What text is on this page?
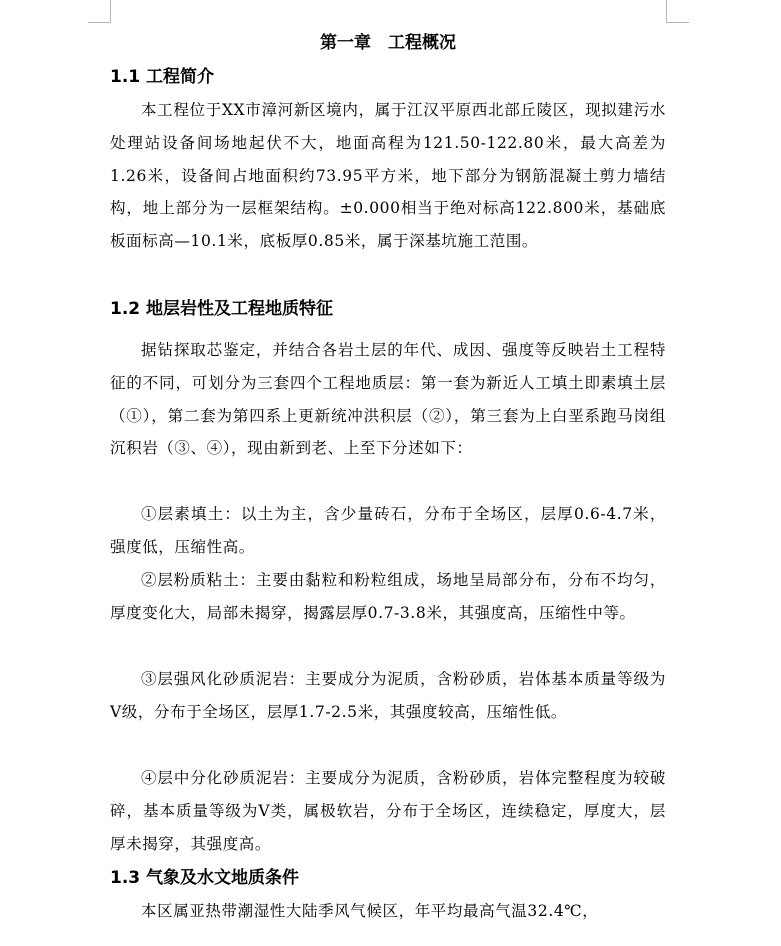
第一章　工程概况
1.1 工程简介

本工程位于XX市漳河新区境内，属于江汉平原西北部丘陵区，现拟建污水处理站设备间场地起伏不大，地面高程为121.50-122.80米，最大高差为1.26米，设备间占地面积约73.95平方米，地下部分为钢筋混凝土剪力墙结构，地上部分为一层框架结构。±0.000相当于绝对标高122.800米，基础底板面标高—10.1米，底板厚0.85米，属于深基坑施工范围。

1.2 地层岩性及工程地质特征

据钻探取芯鉴定，并结合各岩土层的年代、成因、强度等反映岩土工程特征的不同，可划分为三套四个工程地质层：第一套为新近人工填土即素填土层（①），第二套为第四系上更新统冲洪积层（②），第三套为上白垩系跑马岗组沉积岩（③、④），现由新到老、上至下分述如下：

①层素填土：以土为主，含少量砖石，分布于全场区，层厚0.6-4.7米，强度低，压缩性高。

②层粉质粘土：主要由黏粒和粉粒组成，场地呈局部分布，分布不均匀，厚度变化大，局部未揭穿，揭露层厚0.7-3.8米，其强度高，压缩性中等。

③层强风化砂质泥岩：主要成分为泥质，含粉砂质，岩体基本质量等级为V级，分布于全场区，层厚1.7-2.5米，其强度较高，压缩性低。

④层中分化砂质泥岩：主要成分为泥质，含粉砂质，岩体完整程度为较破碎，基本质量等级为V类，属极软岩，分布于全场区，连续稳定，厚度大，层厚未揭穿，其强度高。

1.3 气象及水文地质条件

本区属亚热带潮湿性大陆季风气候区，年平均最高气温32.4℃，
